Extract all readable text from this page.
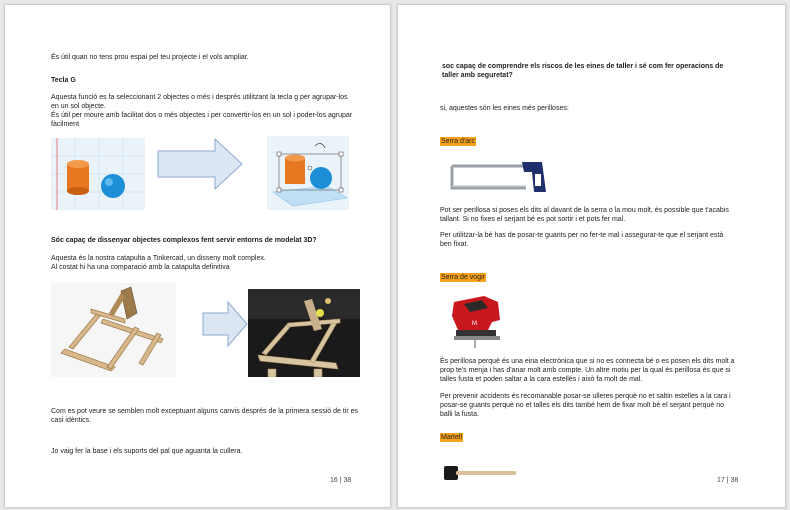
És útil quan no tens prou espai pel teu projecte i el vols ampliar.

Tecla G

Aquesta funció es fa seleccionant 2 objectes o més i després utilitzant la tecla g per agrupar-los en un sol objecte.

És útil per moure amb facilitat dos o més objectes i per convertir-los en un sol i poder-los agrupar fàcilment

Sóc capaç de dissenyar objectes complexos fent servir entorns de modelat 3D?

Aquesta és la nostra catapulta a Tinkercad, un disseny molt complex.

Al costat hi ha una comparació amb la catapulta definitiva

Com es pot veure se semblen molt exceptuant alguns canvis després de la primera sessió de tir es casi idèntics.

Jo vaig fer la base i els suports del pal que aguanta la cullera.

16 | 38

soc capaç de comprendre els riscos de les eines de taller i sé com fer operacions de taller amb seguretat?

si, aquestes són les eines més perilloses:

Serra d'arc

Pot ser perillosa si poses els dits al davant de la serra o la mou molt, és possible que t'acabis tallant. Si no fixes el serjant bé es pot sortir i et pots fer mal.

Per utilitzar-la bé has de posar-te guants per no fer-te mal i assegurar-te que el serjant està ben fixat.

Serra de vogir
M

És perillosa perquè és una eina electrònica que si no es connecta bé o es posen els dits molt a prop te's menja i has d'anar molt amb compte. Un altre motiu per la qual és perillosa és que si talles fusta et poden saltar a la cara estellés i això fa molt de mal.

Per prevenir accidents és recomanable posar-se ulleres perquè no et saltin estelles a la cara i posar-se guants perquè no et talles els dits també hem de fixar molt bé el serjant perquè no balli la fusta.

Martell
17 | 38
